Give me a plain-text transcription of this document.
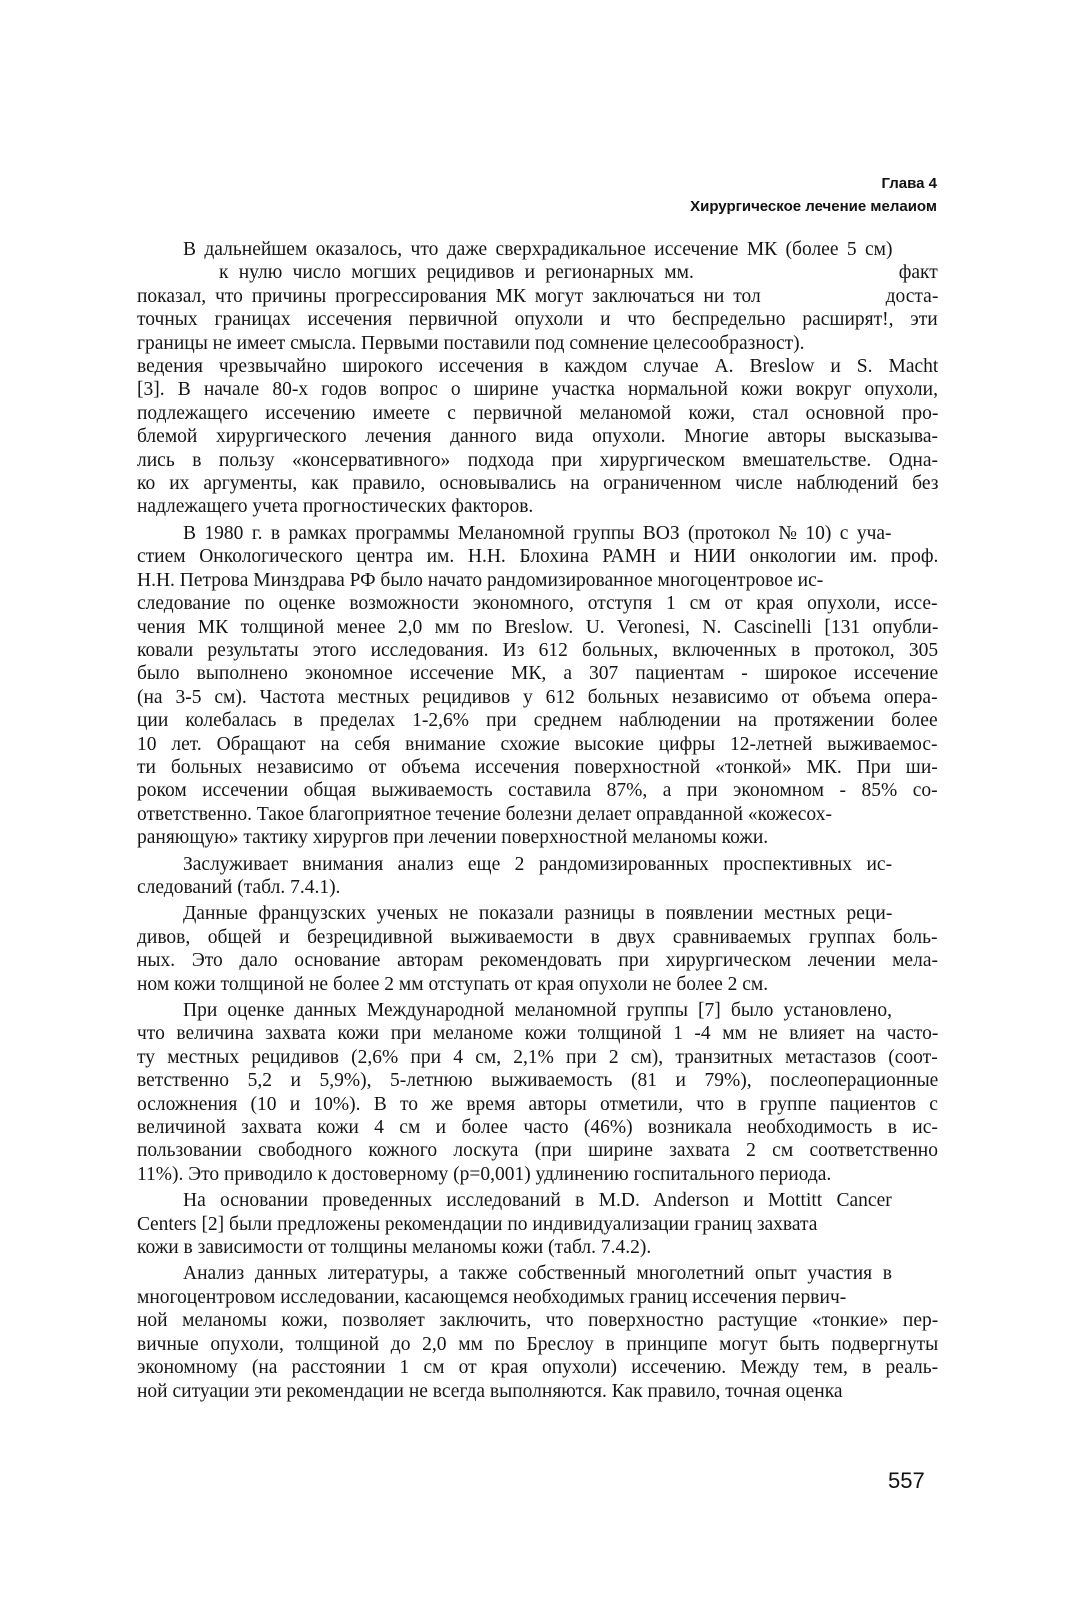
Глава 4
Хирургическое лечение мелаиом
В дальнейшем оказалось, что даже сверхрадикальное иссечение МК (более 5 см)
к нулю число могших рецидивов и регионарных мм.                    факт
показал, что причины прогрессирования МК могут заключаться ни тол              доста-
точных границах иссечения первичной опухоли и что беспредельно расширят!, эти
границы не имеет смысла. Первыми поставили под сомнение целесообразност).
ведения чрезвычайно широкого иссечения в каждом случае A. Breslow и S. Macht
[3]. В начале 80-х годов вопрос о ширине участка нормальной кожи вокруг опухоли,
подлежащего иссечению имеете с первичной меланомой кожи, стал основной про-
блемой хирургического лечения данного вида опухоли. Многие авторы высказыва-
лись в пользу «консервативного» подхода при хирургическом вмешательстве. Одна-
ко их аргументы, как правило, основывались на ограниченном числе наблюдений без
надлежащего учета прогностических факторов.
В 1980 г. в рамках программы Меланомной группы ВОЗ (протокол № 10) с уча-
стием Онкологического центра им. Н.Н. Блохина РАМН и НИИ онкологии им. проф.
Н.Н. Петрова Минздрава РФ было начато рандомизированное многоцентровое ис-
следование по оценке возможности экономного, отступя 1 см от края опухоли, иссе-
чения МК толщиной менее 2,0 мм по Breslow. U. Veronesi, N. Cascinelli [131 опубли-
ковали результаты этого исследования. Из 612 больных, включенных в протокол, 305
было выполнено экономное иссечение МК, а 307 пациентам - широкое иссечение
(на 3-5 см). Частота местных рецидивов у 612 больных независимо от объема опера-
ции колебалась в пределах 1-2,6% при среднем наблюдении на протяжении более
10 лет. Обращают на себя внимание схожие высокие цифры 12-летней выживаемос-
ти больных независимо от объема иссечения поверхностной «тонкой» МК. При ши-
роком иссечении общая выживаемость составила 87%, а при экономном - 85% со-
ответственно. Такое благоприятное течение болезни делает оправданной «кожесох-
раняющую» тактику хирургов при лечении поверхностной меланомы кожи.
Заслуживает внимания анализ еще 2 рандомизированных проспективных ис-
следований (табл. 7.4.1).
Данные французских ученых не показали разницы в появлении местных реци-
дивов, общей и безрецидивной выживаемости в двух сравниваемых группах боль-
ных. Это дало основание авторам рекомендовать при хирургическом лечении мела-
ном кожи толщиной не более 2 мм отступать от края опухоли не более 2 см.
При оценке данных Международной меланомной группы [7] было установлено,
что величина захвата кожи при меланоме кожи толщиной 1 -4 мм не влияет на часто-
ту местных рецидивов (2,6% при 4 см, 2,1% при 2 см), транзитных метастазов (соот-
ветственно 5,2 и 5,9%), 5-летнюю выживаемость (81 и 79%), послеоперационные
осложнения (10 и 10%). В то же время авторы отметили, что в группе пациентов с
величиной захвата кожи 4 см и более часто (46%) возникала необходимость в ис-
пользовании свободного кожного лоскута (при ширине захвата 2 см соответственно
11%). Это приводило к достоверному (р=0,001) удлинению госпитального периода.
На основании проведенных исследований в M.D. Anderson и Mottitt Cancer
Centers [2] были предложены рекомендации по индивидуализации границ захвата
кожи в зависимости от толщины меланомы кожи (табл. 7.4.2).
Анализ данных литературы, а также собственный многолетний опыт участия в
многоцентровом исследовании, касающемся необходимых границ иссечения первич-
ной меланомы кожи, позволяет заключить, что поверхностно растущие «тонкие» пер-
вичные опухоли, толщиной до 2,0 мм по Бреслоу в принципе могут быть подвергнуты
экономному (на расстоянии 1 см от края опухоли) иссечению. Между тем, в реаль-
ной ситуации эти рекомендации не всегда выполняются. Как правило, точная оценка
557
